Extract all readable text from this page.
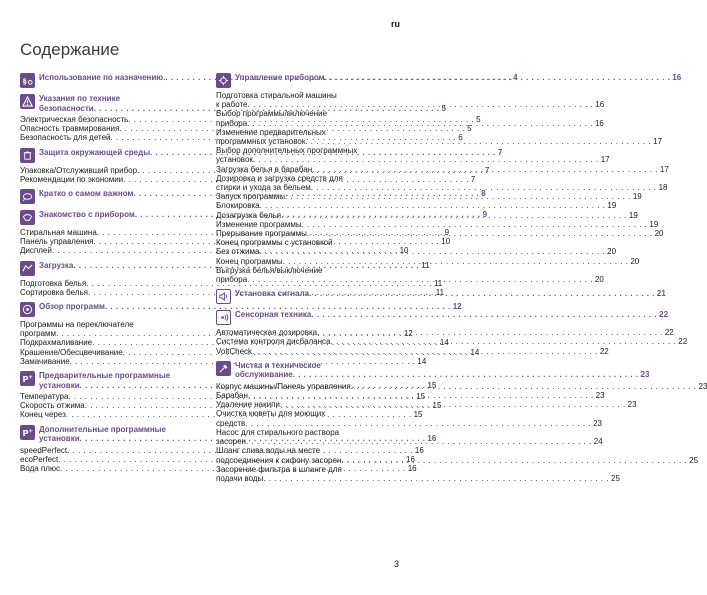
ru
Содержание
§ Использование по назначению. . . .	4
Указания по технике
безопасности . . .	5
Электрическая безопасность . . .	5
Опасность травмирования . . .	5
Безопасность для детей . . .	6
Защита окружающей среды . . .	7
Упаковка/Отслуживший прибор . . .	7
Рекомендации по экономии . . .	7
Кратко о самом важном . . .	8
Знакомство с прибором . . .	9
Стиральная машина . . .	9
Панель управления . . .	10
Дисплей . . .	10
Загрузка . . .	11
Подготовка белья . . .	11
Сортировка белья . . .	11
Обзор программ . . .	12
Программы на переключателе
программ . . .	12
Подкрахмаливание . . .	14
Крашение/Обесцвечивание . . .	14
Замачивание . . .	14
P + Предварительные программные
установки . . .	15
Температура . . .	15
Скорость отжима . . .	15
Конец через . . .	15
P + Дополнительные программные
установки . . .	16
speedPerfect . . .	16
ecoPerfect . . .	16
Вода плюс . . .	16
Управление прибором . . .	16
Подготовка стиральной машины
к работе . . .	16
Выбор программы/включение
прибора . . .	16
Изменение предварительных
программных установок . . .	17
Выбор дополнительных программных
установок . . .	17
Загрузка белья в барабан . . .	17
Дозировка и загрузка средств для
стирки и ухода за бельем . . .	18
Запуск программы . . .	19
Блокировка . . .	19
Дозагрузка белья . . .	19
Изменение программы . . .	19
Прерывание программы . . .	20
Конец программы с установкой
Без отжима . . .	20
Конец программы . . .	20
Выгрузка белья/выключение
прибора . . .	20
Установка сигнала . . .	21
Сенсорная техника . . .	22
Автоматическая дозировка . . .	22
Система контроля дисбаланса . . .	22
VoltCheck . . .	22
Чистка и техническое
обслуживание . . .	23
Корпус машины/Панель управления . . .	23
Барабан . . .	23
Удаление накипи . . .	23
Очистка кюветы для моющих
средств . . .	23
Насос для стирального раствора
засорен . . .	24
Шланг слива воды на месте
подсоединения к сифону засорен . . .	25
Засорение фильтра в шланге для
подачи воды . . .	25
3
